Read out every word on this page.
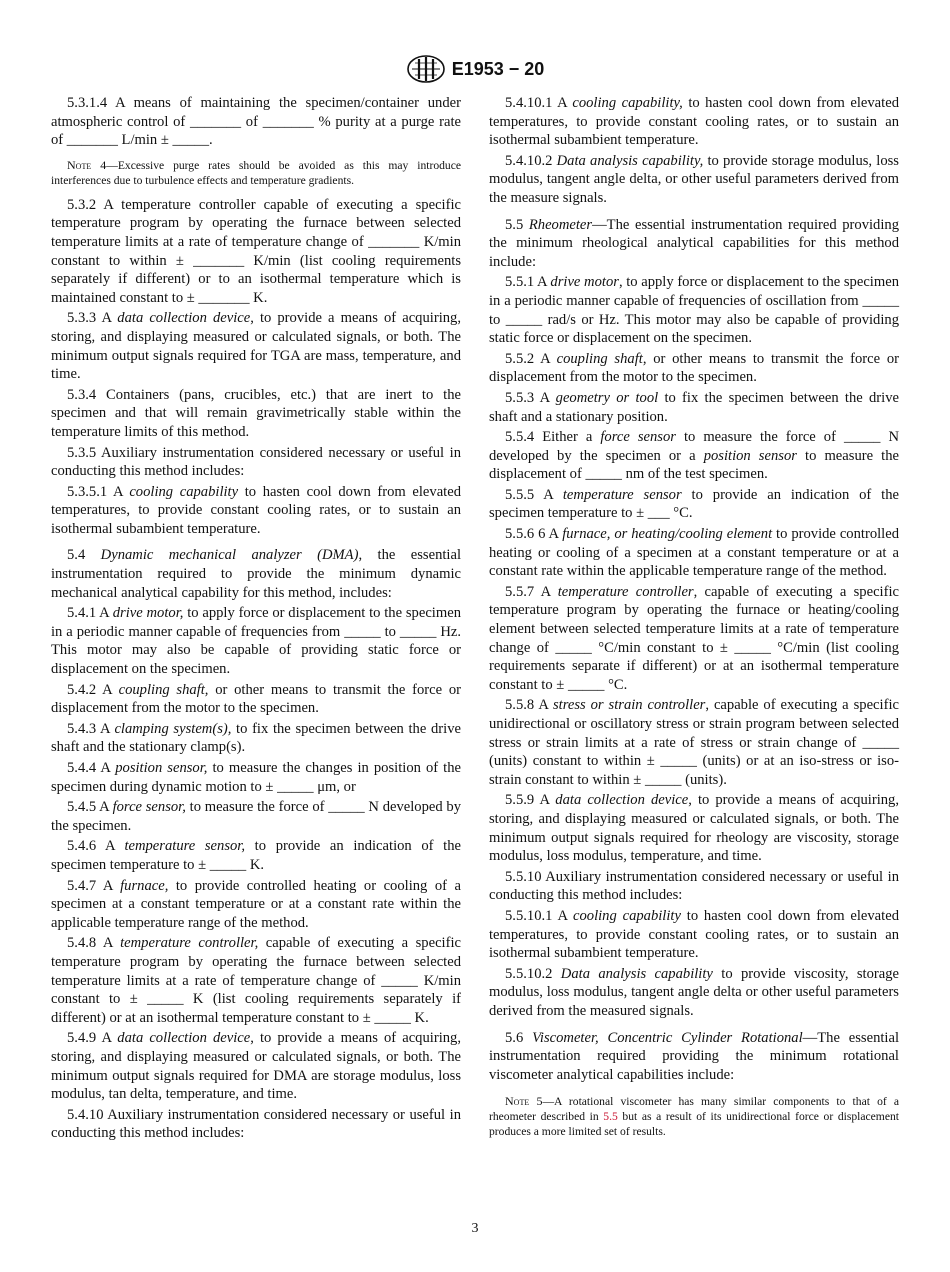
E1953 − 20

5.3.1.4 A means of maintaining the specimen/container under atmospheric control of _______ of _______ % purity at a purge rate of _______ L/min ± _____.

Note 4—Excessive purge rates should be avoided as this may introduce interferences due to turbulence effects and temperature gradients.

5.3.2 A temperature controller capable of executing a specific temperature program by operating the furnace between selected temperature limits at a rate of temperature change of _______ K/min constant to within ± _______ K/min (list cooling requirements separately if different) or to an isothermal temperature which is maintained constant to ± _______ K.

5.3.3 A data collection device, to provide a means of acquiring, storing, and displaying measured or calculated signals, or both. The minimum output signals required for TGA are mass, temperature, and time.

5.3.4 Containers (pans, crucibles, etc.) that are inert to the specimen and that will remain gravimetrically stable within the temperature limits of this method.

5.3.5 Auxiliary instrumentation considered necessary or useful in conducting this method includes:

5.3.5.1 A cooling capability to hasten cool down from elevated temperatures, to provide constant cooling rates, or to sustain an isothermal subambient temperature.

5.4 Dynamic mechanical analyzer (DMA), the essential instrumentation required to provide the minimum dynamic mechanical analytical capability for this method, includes:

5.4.1 A drive motor, to apply force or displacement to the specimen in a periodic manner capable of frequencies from _____ to _____ Hz. This motor may also be capable of providing static force or displacement on the specimen.

5.4.2 A coupling shaft, or other means to transmit the force or displacement from the motor to the specimen.

5.4.3 A clamping system(s), to fix the specimen between the drive shaft and the stationary clamp(s).

5.4.4 A position sensor, to measure the changes in position of the specimen during dynamic motion to ± _____ μm, or

5.4.5 A force sensor, to measure the force of _____ N developed by the specimen.

5.4.6 A temperature sensor, to provide an indication of the specimen temperature to ± _____ K.

5.4.7 A furnace, to provide controlled heating or cooling of a specimen at a constant temperature or at a constant rate within the applicable temperature range of the method.

5.4.8 A temperature controller, capable of executing a specific temperature program by operating the furnace between selected temperature limits at a rate of temperature change of _____ K/min constant to ± _____ K (list cooling requirements separately if different) or at an isothermal temperature constant to ± _____ K.

5.4.9 A data collection device, to provide a means of acquiring, storing, and displaying measured or calculated signals, or both. The minimum output signals required for DMA are storage modulus, loss modulus, tan delta, temperature, and time.

5.4.10 Auxiliary instrumentation considered necessary or useful in conducting this method includes:

5.4.10.1 A cooling capability, to hasten cool down from elevated temperatures, to provide constant cooling rates, or to sustain an isothermal subambient temperature.

5.4.10.2 Data analysis capability, to provide storage modulus, loss modulus, tangent angle delta, or other useful parameters derived from the measure signals.

5.5 Rheometer—The essential instrumentation required providing the minimum rheological analytical capabilities for this method include:

5.5.1 A drive motor, to apply force or displacement to the specimen in a periodic manner capable of frequencies of oscillation from _____ to _____ rad/s or Hz. This motor may also be capable of providing static force or displacement on the specimen.

5.5.2 A coupling shaft, or other means to transmit the force or displacement from the motor to the specimen.

5.5.3 A geometry or tool to fix the specimen between the drive shaft and a stationary position.

5.5.4 Either a force sensor to measure the force of _____ N developed by the specimen or a position sensor to measure the displacement of _____ nm of the test specimen.

5.5.5 A temperature sensor to provide an indication of the specimen temperature to ± ___ °C.

5.5.6 6 A furnace, or heating/cooling element to provide controlled heating or cooling of a specimen at a constant temperature or at a constant rate within the applicable temperature range of the method.

5.5.7 A temperature controller, capable of executing a specific temperature program by operating the furnace or heating/cooling element between selected temperature limits at a rate of temperature change of _____ °C/min constant to ± _____ °C/min (list cooling requirements separate if different) or at an isothermal temperature constant to ± _____ °C.

5.5.8 A stress or strain controller, capable of executing a specific unidirectional or oscillatory stress or strain program between selected stress or strain limits at a rate of stress or strain change of _____ (units) constant to within ± _____ (units) or at an iso-stress or iso-strain constant to within ± _____ (units).

5.5.9 A data collection device, to provide a means of acquiring, storing, and displaying measured or calculated signals, or both. The minimum output signals required for rheology are viscosity, storage modulus, loss modulus, temperature, and time.

5.5.10 Auxiliary instrumentation considered necessary or useful in conducting this method includes:

5.5.10.1 A cooling capability to hasten cool down from elevated temperatures, to provide constant cooling rates, or to sustain an isothermal subambient temperature.

5.5.10.2 Data analysis capability to provide viscosity, storage modulus, loss modulus, tangent angle delta or other useful parameters derived from the measured signals.

5.6 Viscometer, Concentric Cylinder Rotational—The essential instrumentation required providing the minimum rotational viscometer analytical capabilities include:

Note 5—A rotational viscometer has many similar components to that of a rheometer described in 5.5 but as a result of its unidirectional force or displacement produces a more limited set of results.

3
